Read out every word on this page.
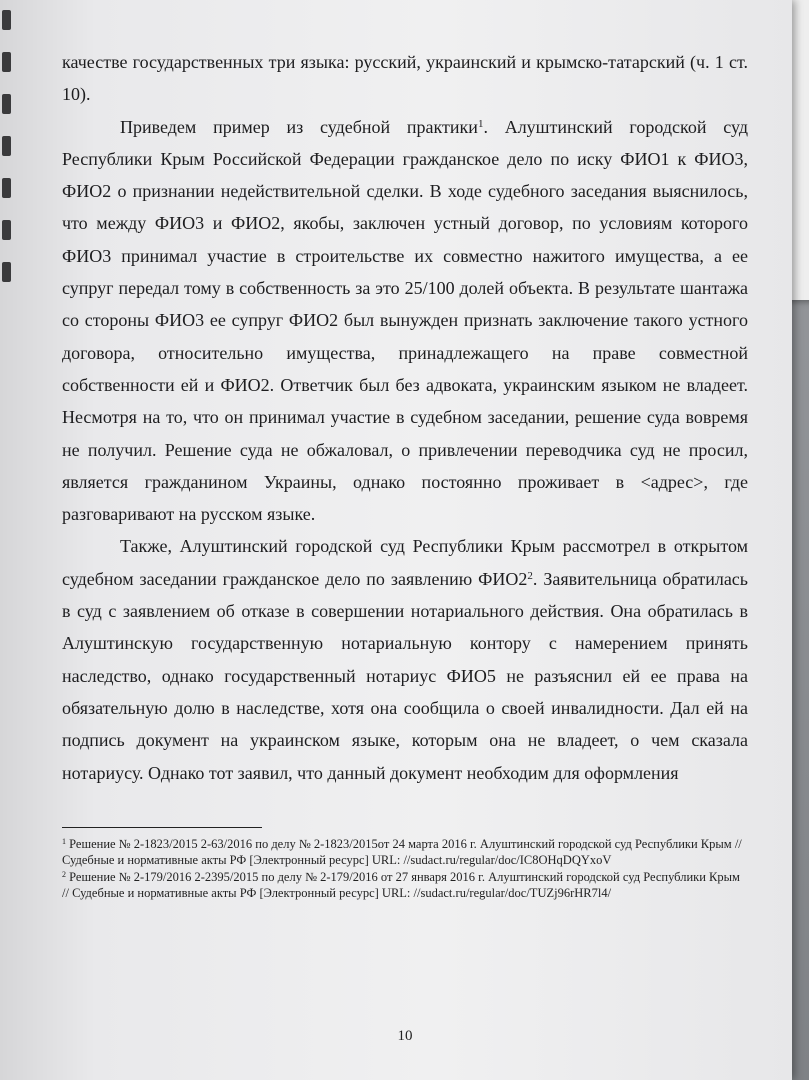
качестве государственных три языка: русский, украинский и крымско-татарский (ч. 1 ст. 10).

Приведем пример из судебной практики$^1$. Алуштинский городской суд Республики Крым Российской Федерации гражданское дело по иску ФИО1 к ФИО3, ФИО2 о признании недействительной сделки. В ходе судебного заседания выяснилось, что между ФИО3 и ФИО2, якобы, заключен устный договор, по условиям которого ФИО3 принимал участие в строительстве их совместно нажитого имущества, а ее супруг передал тому в собственность за это 25/100 долей объекта. В результате шантажа со стороны ФИО3 ее супруг ФИО2 был вынужден признать заключение такого устного договора, относительно имущества, принадлежащего на праве совместной собственности ей и ФИО2. Ответчик был без адвоката, украинским языком не владеет. Несмотря на то, что он принимал участие в судебном заседании, решение суда вовремя не получил. Решение суда не обжаловал, о привлечении переводчика суд не просил, является гражданином Украины, однако постоянно проживает в <адрес>, где разговаривают на русском языке.

Также, Алуштинский городской суд Республики Крым рассмотрел в открытом судебном заседании гражданское дело по заявлению $ФИО2^2$. Заявительница обратилась в суд с заявлением об отказе в совершении нотариального действия. Она обратилась в Алуштинскую государственную нотариальную контору с намерением принять наследство, однако государственный нотариус ФИО5 не разъяснил ей ее права на обязательную долю в наследстве, хотя она сообщила о своей инвалидности. Дал ей на подпись документ на украинском языке, которым она не владеет, о чем сказала нотариусу. Однако тот заявил, что данный документ необходим для оформления

$^1$ Решение № 2-1823/2015 2-63/2016 по делу № 2-1823/2015от 24 марта 2016 г. Алуштинский городской суд Республики Крым //Судебные и нормативные акты РФ [Электронный ресурс] URL: //sudact.ru/regular/doc/IC8OHqDQYxoV
$^2$ Решение № 2-179/2016 2-2395/2015 по делу № 2-179/2016 от 27 января 2016 г. Алуштинский городской суд Республики Крым // Судебные и нормативные акты РФ [Электронный ресурс] URL: //sudact.ru/regular/doc/TUZj96rHR7l4/
10
